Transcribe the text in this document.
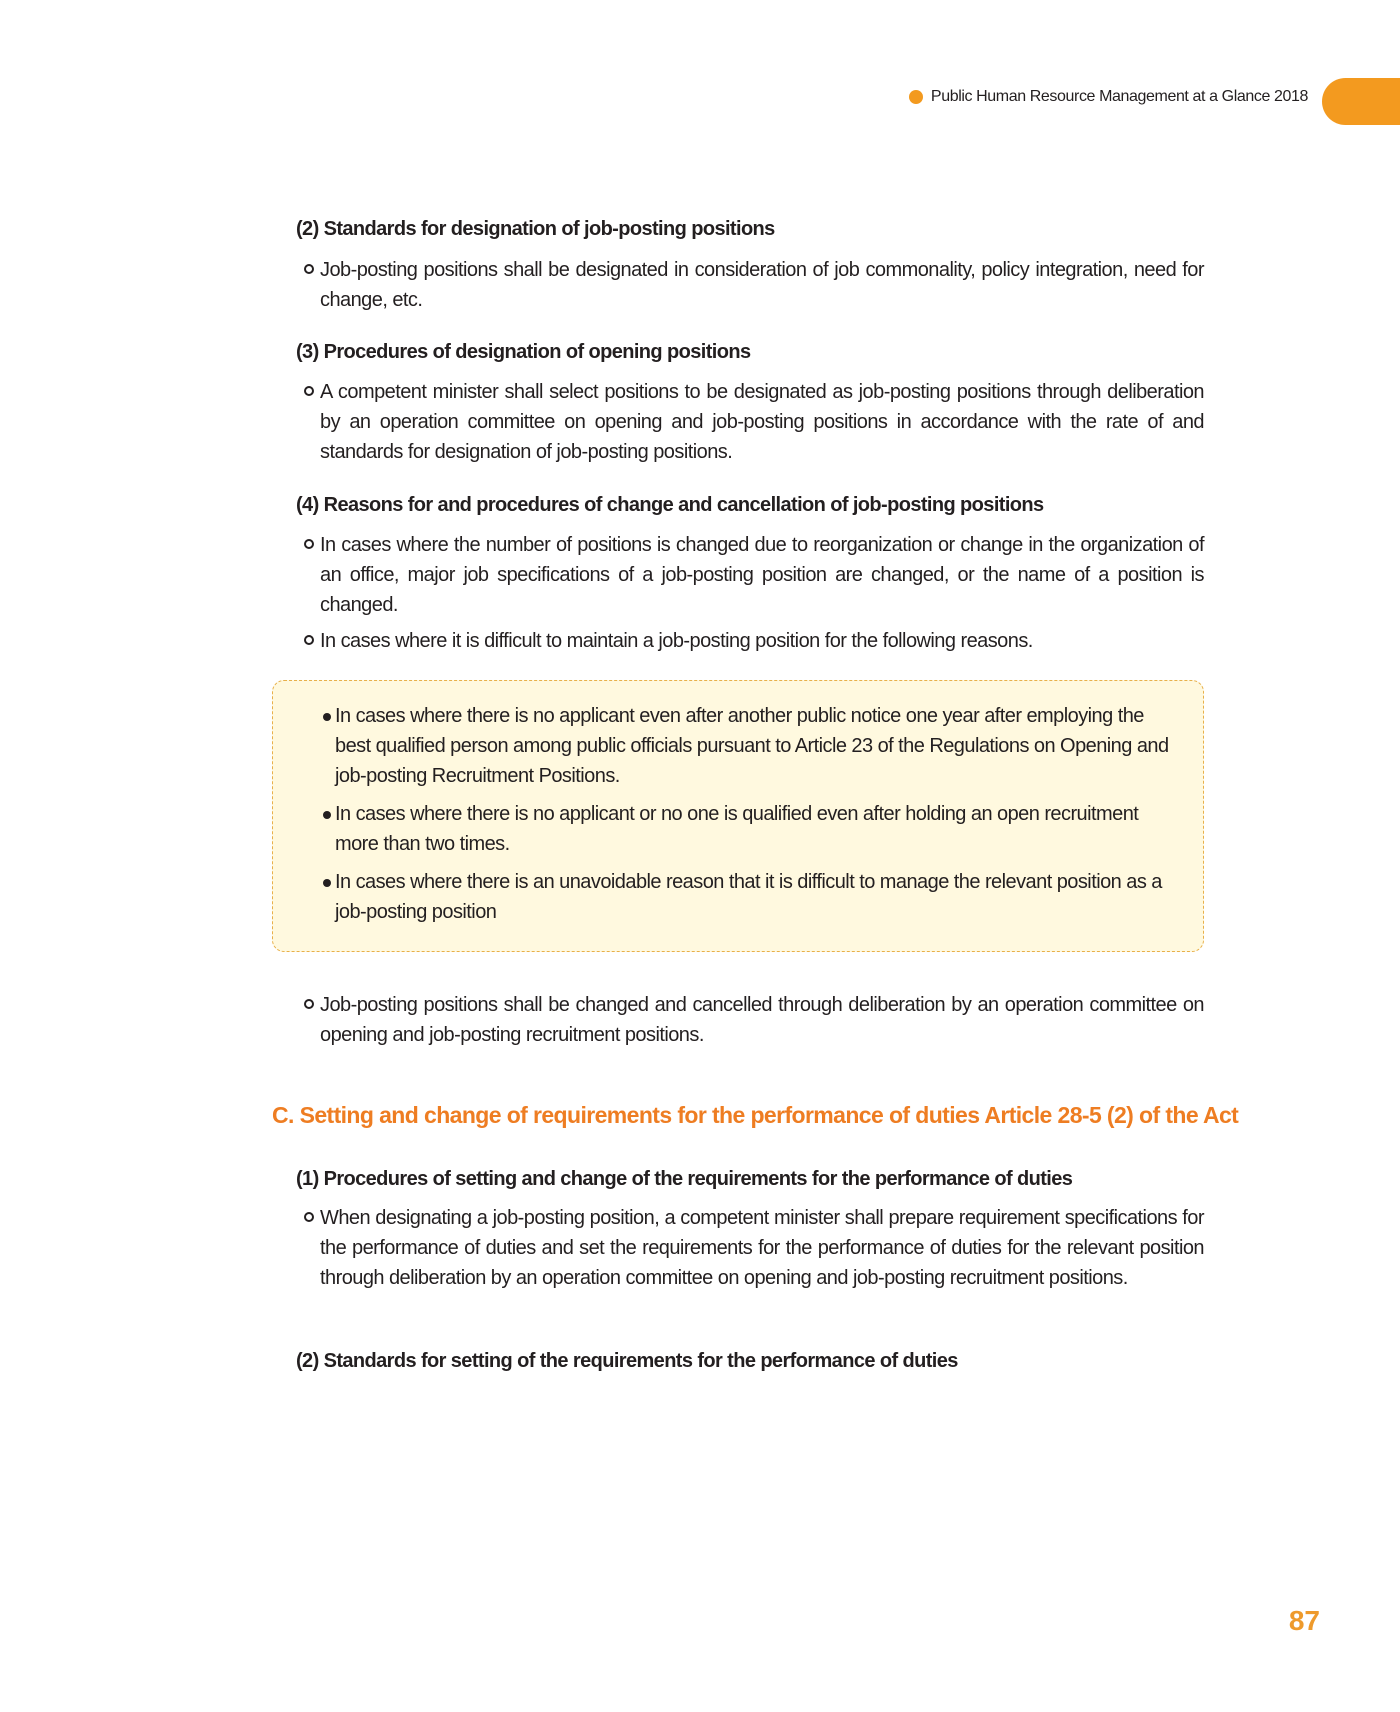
Public Human Resource Management at a Glance 2018
(2) Standards for designation of job-posting positions
Job-posting positions shall be designated in consideration of job commonality, policy integration, need for change, etc.
(3) Procedures of designation of opening positions
A competent minister shall select positions to be designated as job-posting positions through deliberation by an operation committee on opening and job-posting positions in accordance with the rate of and standards for designation of job-posting positions.
(4) Reasons for and procedures of change and cancellation of job-posting positions
In cases where the number of positions is changed due to reorganization or change in the organization of an office, major job specifications of a job-posting position are changed, or the name of a position is changed.
In cases where it is difficult to maintain a job-posting position for the following reasons.
In cases where there is no applicant even after another public notice one year after employing the best qualified person among public officials pursuant to Article 23 of the Regulations on Opening and job-posting Recruitment Positions.
In cases where there is no applicant or no one is qualified even after holding an open recruitment more than two times.
In cases where there is an unavoidable reason that it is difficult to manage the relevant position as a job-posting position
Job-posting positions shall be changed and cancelled through deliberation by an operation committee on opening and job-posting recruitment positions.
C. Setting and change of requirements for the performance of duties Article 28-5 (2) of the Act
(1) Procedures of setting and change of the requirements for the performance of duties
When designating a job-posting position, a competent minister shall prepare requirement specifications for the performance of duties and set the requirements for the performance of duties for the relevant position through deliberation by an operation committee on opening and job-posting recruitment positions.
(2) Standards for setting of the requirements for the performance of duties
87
